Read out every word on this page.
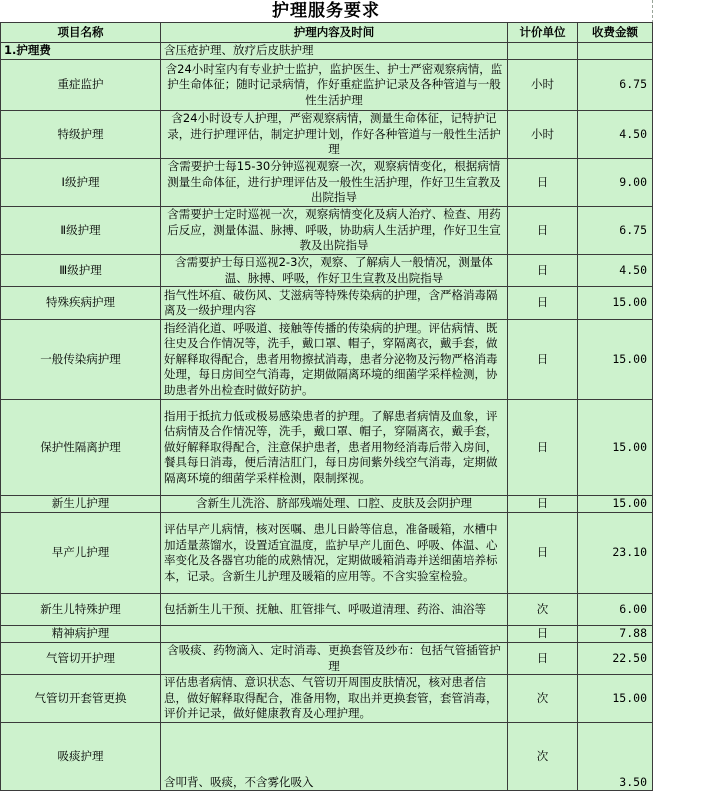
护理服务要求
项目名称	护理内容及时间	计价单位	收费金额
1.护理费	含压疮护理、放疗后皮肤护理		
重症监护	含24小时室内有专业护士监护，监护医生、护士严密观察病情，监护生命体征；随时记录病情，作好重症监护记录及各种管道与一般性生活护理	小时	6.75
特级护理	含24小时设专人护理，严密观察病情，测量生命体征，记特护记录，进行护理评估，制定护理计划，作好各种管道与一般性生活护理	小时	4.50
Ⅰ级护理	含需要护士每15-30分钟巡视观察一次，观察病情变化，根据病情测量生命体征，进行护理评估及一般性生活护理，作好卫生宣教及出院指导	日	9.00
Ⅱ级护理	含需要护士定时巡视一次，观察病情变化及病人治疗、检查、用药后反应，测量体温、脉搏、呼吸，协助病人生活护理，作好卫生宣教及出院指导	日	6.75
Ⅲ级护理	含需要护士每日巡视2-3次，观察、了解病人一般情况，测量体温、脉搏、呼吸，作好卫生宣教及出院指导	日	4.50
特殊疾病护理	指气性坏疽、破伤风、艾滋病等特殊传染病的护理，含严格消毒隔离及一级护理内容	日	15.00
一般传染病护理	指经消化道、呼吸道、接触等传播的传染病的护理。评估病情、既往史及合作情况等，洗手，戴口罩、帽子，穿隔离衣，戴手套，做好解释取得配合，患者用物擦拭消毒，患者分泌物及污物严格消毒处理，每日房间空气消毒，定期做隔离环境的细菌学采样检测，协助患者外出检查时做好防护。	日	15.00
保护性隔离护理	指用于抵抗力低或极易感染患者的护理。了解患者病情及血象，评估病情及合作情况等，洗手，戴口罩、帽子，穿隔离衣，戴手套，做好解释取得配合，注意保护患者，患者用物经消毒后带入房间，餐具每日消毒，便后清洁肛门，每日房间紫外线空气消毒，定期做隔离环境的细菌学采样检测，限制探视。	日	15.00
新生儿护理	含新生儿洗浴、脐部残端处理、口腔、皮肤及会阴护理	日	15.00
早产儿护理	评估早产儿病情，核对医嘱、患儿日龄等信息，准备暖箱，水槽中加适量蒸馏水，设置适宜温度，监护早产儿面色、呼吸、体温、心率变化及各器官功能的成熟情况，定期做暖箱消毒并送细菌培养标本，记录。含新生儿护理及暖箱的应用等。不含实验室检验。	日	23.10
新生儿特殊护理	包括新生儿干预、抚触、肛管排气、呼吸道清理、药浴、油浴等	次	6.00
精神病护理		日	7.88
气管切开护理	含吸痰、药物滴入、定时消毒、更换套管及纱布：包括气管插管护理	日	22.50
气管切开套管更换	评估患者病情、意识状态、气管切开周围皮肤情况，核对患者信息，做好解释取得配合，准备用物，取出并更换套管，套管消毒，评价并记录，做好健康教育及心理护理。	次	15.00
吸痰护理	含叩背、吸痰，不含雾化吸入	次	3.50
